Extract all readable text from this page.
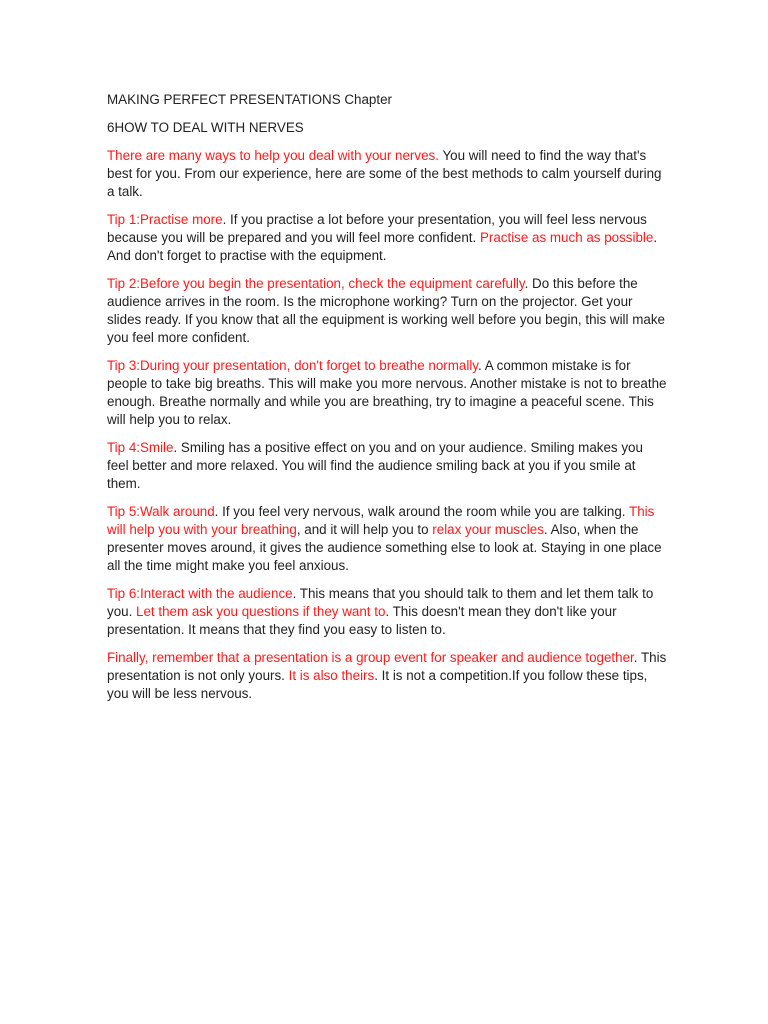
MAKING PERFECT PRESENTATIONS Chapter

6HOW TO DEAL WITH NERVES

There are many ways to help you deal with your nerves. You will need to find the way that's best for you. From our experience, here are some of the best methods to calm yourself during a talk.

Tip 1:Practise more. If you practise a lot before your presentation, you will feel less nervous because you will be prepared and you will feel more confident. Practise as much as possible. And don't forget to practise with the equipment.

Tip 2:Before you begin the presentation, check the equipment carefully. Do this before the audience arrives in the room. Is the microphone working? Turn on the projector. Get your slides ready. If you know that all the equipment is working well before you begin, this will make you feel more confident.

Tip 3:During your presentation, don't forget to breathe normally. A common mistake is for people to take big breaths. This will make you more nervous. Another mistake is not to breathe enough. Breathe normally and while you are breathing, try to imagine a peaceful scene. This will help you to relax.

Tip 4:Smile. Smiling has a positive effect on you and on your audience. Smiling makes you feel better and more relaxed. You will find the audience smiling back at you if you smile at them.

Tip 5:Walk around. If you feel very nervous, walk around the room while you are talking. This will help you with your breathing, and it will help you to relax your muscles. Also, when the presenter moves around, it gives the audience something else to look at. Staying in one place all the time might make you feel anxious.

Tip 6:Interact with the audience. This means that you should talk to them and let them talk to you. Let them ask you questions if they want to. This doesn't mean they don't like your presentation. It means that they find you easy to listen to.

Finally, remember that a presentation is a group event for speaker and audience together. This presentation is not only yours. It is also theirs. It is not a competition.If you follow these tips, you will be less nervous.
